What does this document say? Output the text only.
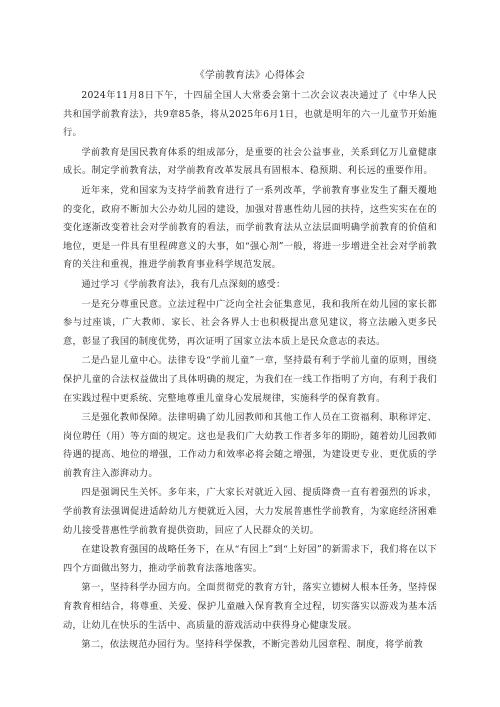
《学前教育法》心得体会

2024年11月8日下午，十四届全国人大常委会第十二次会议表决通过了《中华人民共和国学前教育法》，共9章85条，将从2025年6月1日，也就是明年的六一儿童节开始施行。

学前教育是国民教育体系的组成部分，是重要的社会公益事业，关系到亿万儿童健康成长。制定学前教育法，对学前教育改革发展具有固根本、稳预期、利长远的重要作用。

近年来，党和国家为支持学前教育进行了一系列改革，学前教育事业发生了翻天覆地的变化，政府不断加大公办幼儿园的建设，加强对普惠性幼儿园的扶持，这些实实在在的变化逐渐改变着社会对学前教育的看法，而学前教育法从立法层面明确学前教育的价值和地位，更是一件具有里程碑意义的大事，如“强心剂”一般，将进一步增进全社会对学前教育的关注和重视，推进学前教育事业科学规范发展。

通过学习《学前教育法》，我有几点深刻的感受：

一是充分尊重民意。立法过程中广泛向全社会征集意见，我和我所在幼儿园的家长都参与过座谈，广大教师、家长、社会各界人士也积极提出意见建议，将立法融入更多民意，彰显了我国的制度优势，再次证明了国家立法本质上是民众意志的表达。

二是凸显儿童中心。法律专设“学前儿童”一章，坚持最有利于学前儿童的原则，围绕保护儿童的合法权益做出了具体明确的规定，为我们在一线工作指明了方向，有利于我们在实践过程中更系统、完整地尊重儿童身心发展规律，实施科学的保育教育。

三是强化教师保障。法律明确了幼儿园教师和其他工作人员在工资福利、职称评定、岗位聘任（用）等方面的规定。这也是我们广大幼教工作者多年的期盼，随着幼儿园教师待遇的提高、地位的增强，工作动力和效率必将会随之增强，为建设更专业、更优质的学前教育注入澎湃动力。

四是强调民生关怀。多年来，广大家长对就近入园、提质降费一直有着强烈的诉求，学前教育法强调促进适龄幼儿方便就近入园，大力发展普惠性学前教育，为家庭经济困难幼儿接受普惠性学前教育提供资助，回应了人民群众的关切。

在建设教育强国的战略任务下，在从“有园上”到“上好园”的新需求下，我们将在以下四个方面做出努力，推动学前教育法落地落实。

第一，坚持科学办园方向。全面贯彻党的教育方针，落实立德树人根本任务，坚持保育教育相结合，将尊重、关爱、保护儿童融入保育教育全过程，切实落实以游戏为基本活动，让幼儿在快乐的生活中、高质量的游戏活动中获得身心健康发展。

第二，依法规范办园行为。坚持科学保教，不断完善幼儿园章程、制度，将学前教
